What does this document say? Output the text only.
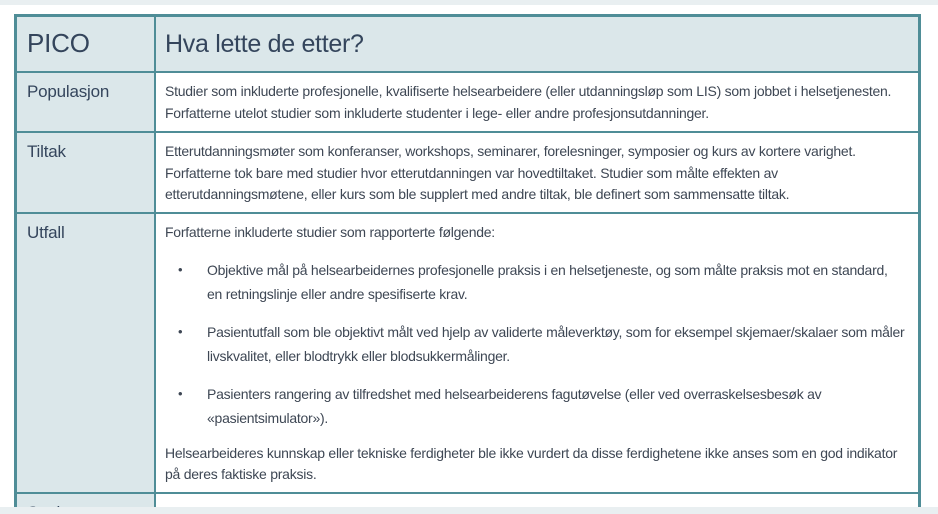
PICO	Hva lette de etter?
Populasjon	Studier som inkluderte profesjonelle, kvalifiserte helsearbeidere (eller utdanningsløp som LIS) som jobbet i helsetjenesten. Forfatterne utelot studier som inkluderte studenter i lege- eller andre profesjonsutdanninger.

Tiltak	Etterutdanningsmøter som konferanser, workshops, seminarer, forelesninger, symposier og kurs av kortere varighet. Forfatterne tok bare med studier hvor etterutdanningen var hovedtiltaket. Studier som målte effekten av etterutdanningsmøtene, eller kurs som ble supplert med andre tiltak, ble definert som sammensatte tiltak.

Utfall	Forfatterne inkluderte studier som rapporterte følgende:

•	Objektive mål på helsearbeidernes profesjonelle praksis i en helsetjeneste, og som målte praksis mot en standard, en retningslinje eller andre spesifiserte krav.
•	Pasientutfall som ble objektivt målt ved hjelp av validerte måleverktøy, som for eksempel skjemaer/skalaer som måler livskvalitet, eller blodtrykk eller blodsukkermålinger.
•	Pasienters rangering av tilfredshet med helsearbeiderens fagutøvelse (eller ved overraskelsesbesøk av «pasientsimulator»).

Helsearbeideres kunnskap eller tekniske ferdigheter ble ikke vurdert da disse ferdighetene ikke anses som en god indikator på deres faktiske praksis.
